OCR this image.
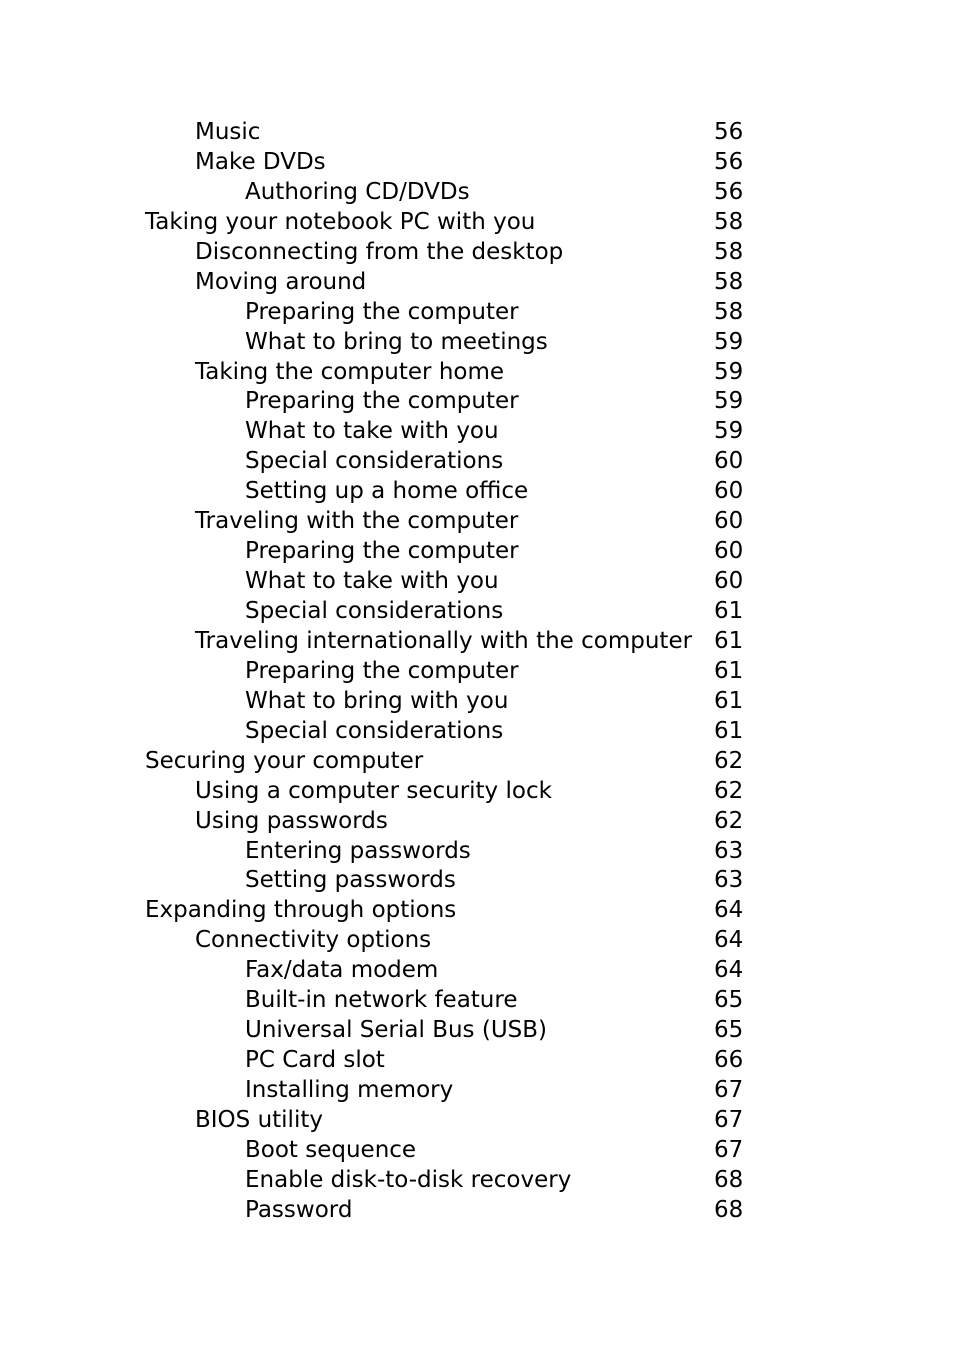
Music	56
Make DVDs	56
Authoring CD/DVDs	56
Taking your notebook PC with you	58
Disconnecting from the desktop	58
Moving around	58
Preparing the computer	58
What to bring to meetings	59
Taking the computer home	59
Preparing the computer	59
What to take with you	59
Special considerations	60
Setting up a home office	60
Traveling with the computer	60
Preparing the computer	60
What to take with you	60
Special considerations	61
Traveling internationally with the computer 61
Preparing the computer	61
What to bring with you	61
Special considerations	61
Securing your computer	62
Using a computer security lock	62
Using passwords	62
Entering passwords	63
Setting passwords	63
Expanding through options	64
Connectivity options	64
Fax/data modem	64
Built-in network feature	65
Universal Serial Bus (USB)	65
PC Card slot	66
Installing memory	67
BIOS utility	67
Boot sequence	67
Enable disk-to-disk recovery	68
Password	68
